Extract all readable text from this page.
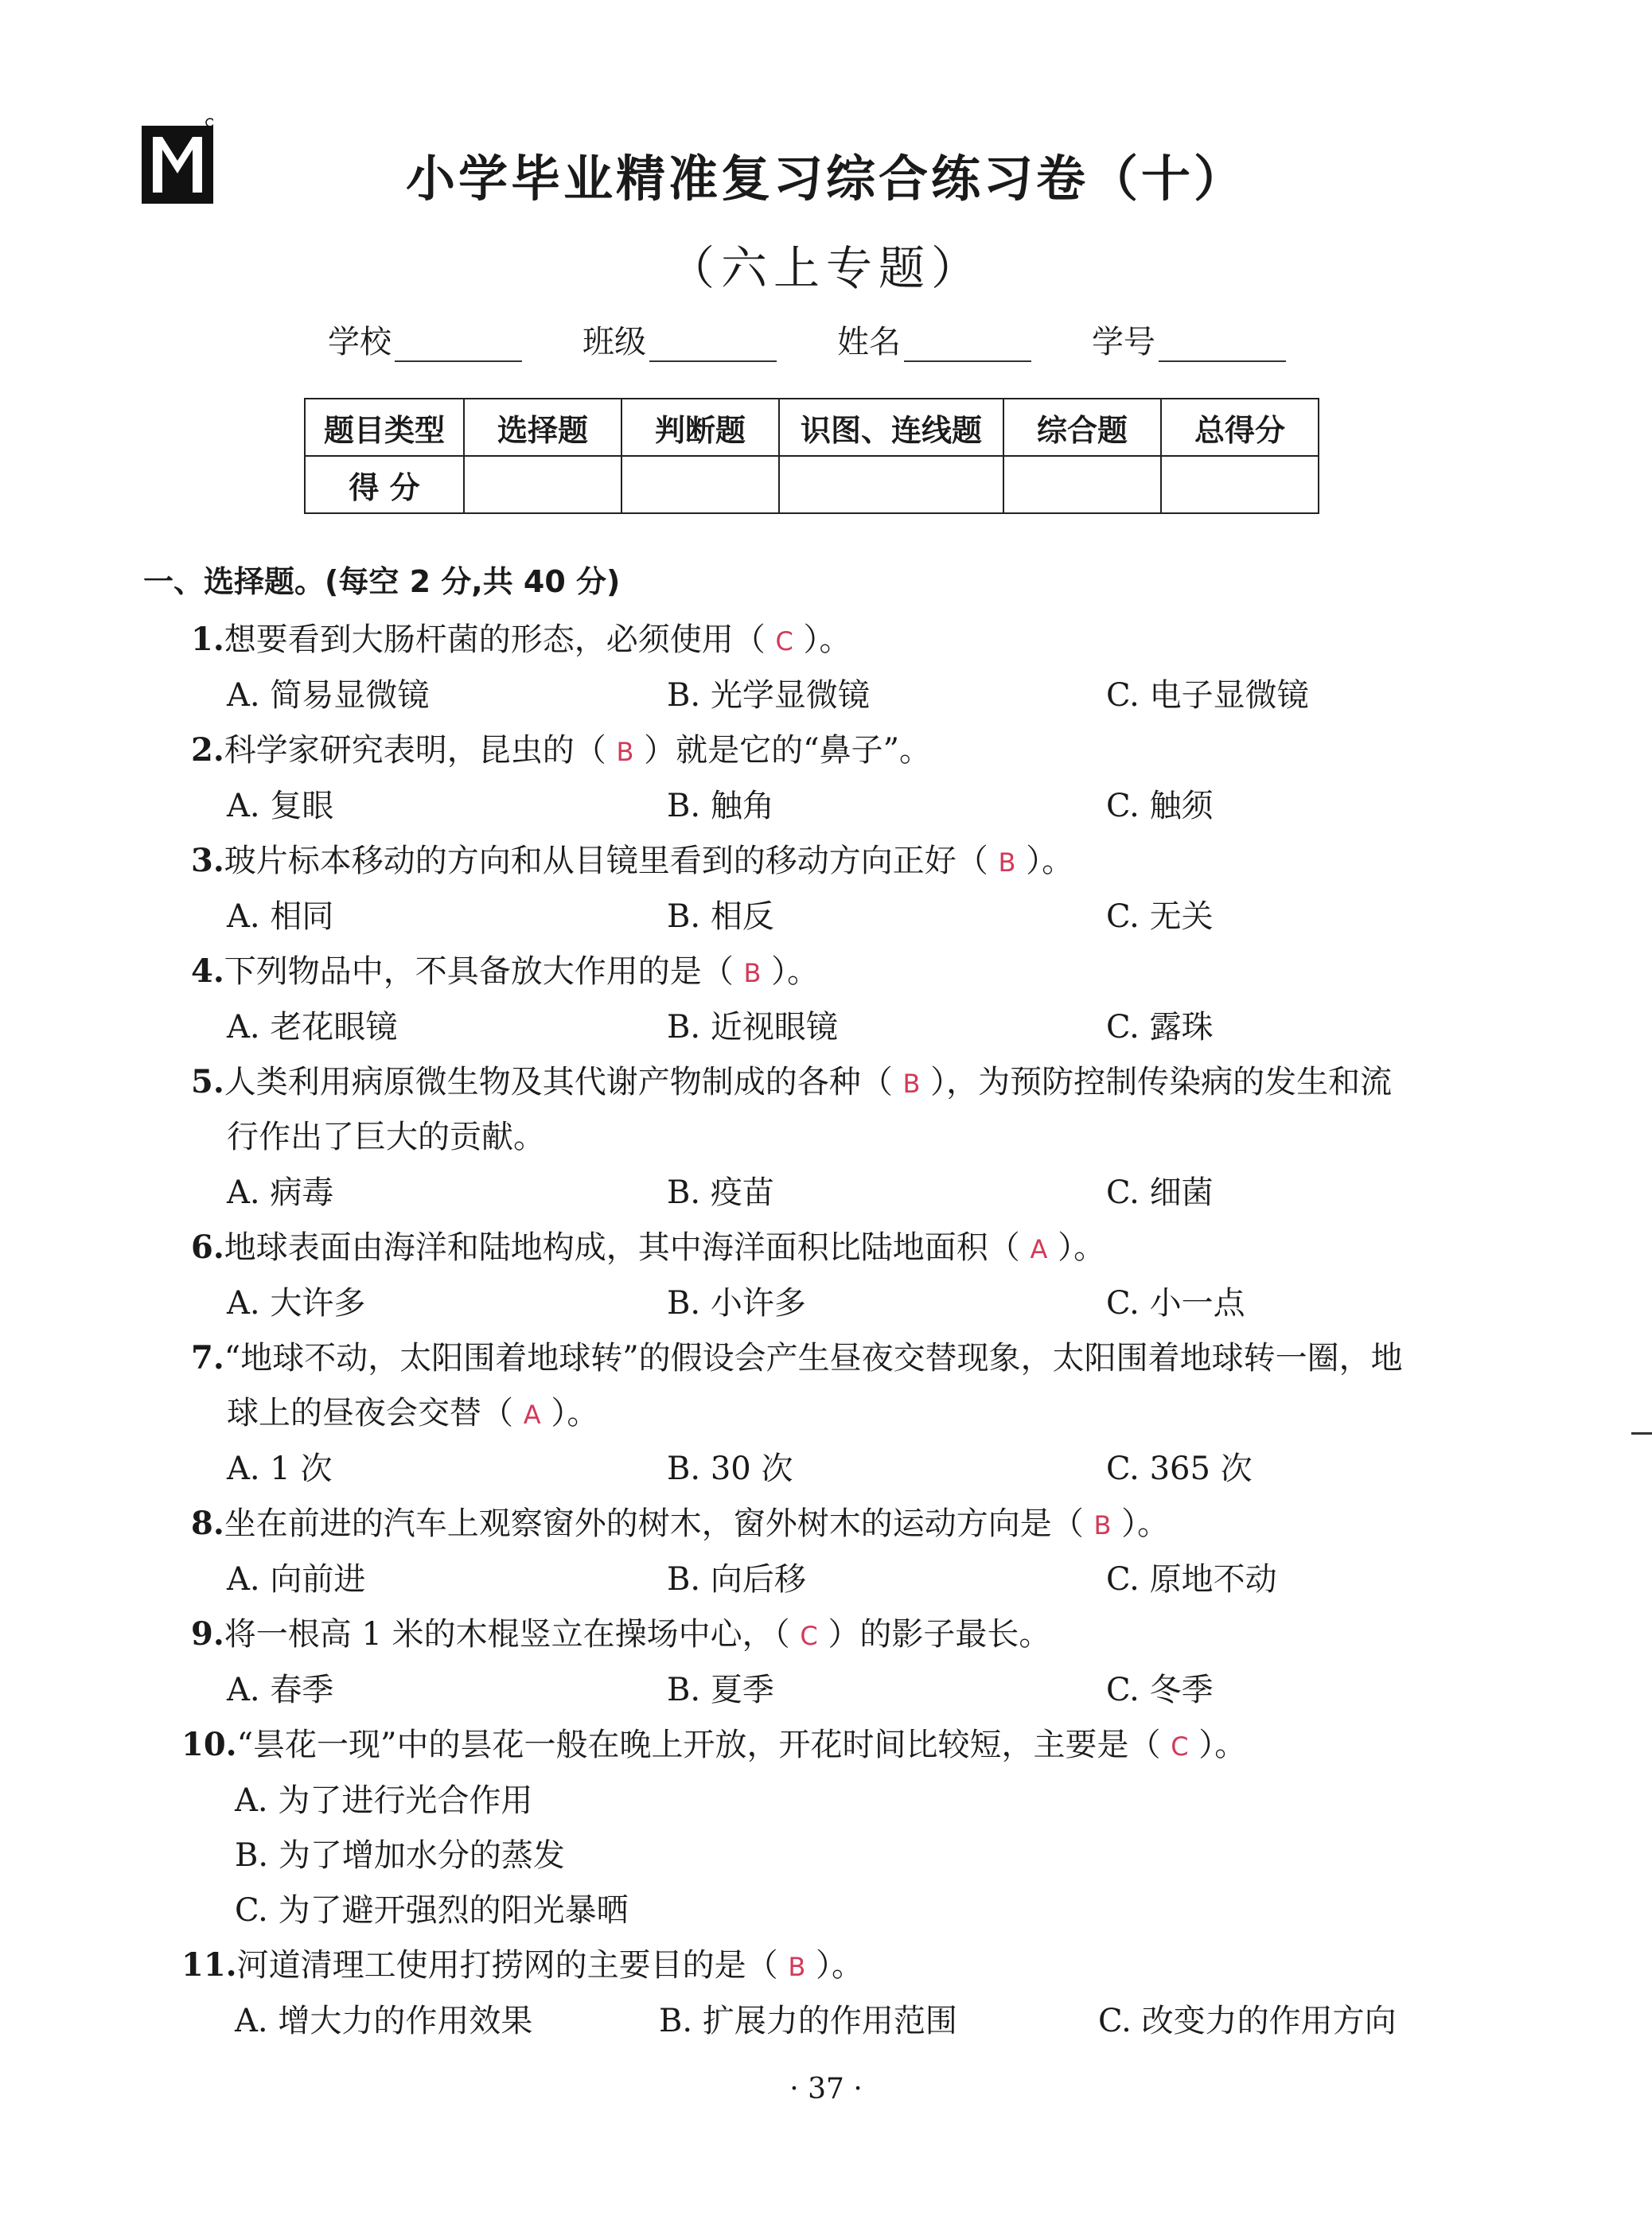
小学毕业精准复习综合练习卷（十）
（六上专题）
学校	班级	姓名	学号
题目类型	选择题	判断题	识图、连线题	综合题	总得分
得 分					
一、选择题。(每空 2 分,共 40 分)
1.想要看到大肠杆菌的形态，必须使用（ C ）。
A. 简易显微镜	B. 光学显微镜	C. 电子显微镜
2.科学家研究表明，昆虫的（ B ）就是它的“鼻子”。
A. 复眼	B. 触角	C. 触须
3.玻片标本移动的方向和从目镜里看到的移动方向正好（ B ）。
A. 相同	B. 相反	C. 无关
4.下列物品中，不具备放大作用的是（ B ）。
A. 老花眼镜	B. 近视眼镜	C. 露珠
5.人类利用病原微生物及其代谢产物制成的各种（ B ），为预防控制传染病的发生和流
行作出了巨大的贡献。
A. 病毒	B. 疫苗	C. 细菌
6.地球表面由海洋和陆地构成，其中海洋面积比陆地面积（ A ）。
A. 大许多	B. 小许多	C. 小一点
7.“地球不动，太阳围着地球转”的假设会产生昼夜交替现象，太阳围着地球转一圈，地
球上的昼夜会交替（ A ）。
A. 1 次	B. 30 次	C. 365 次
8.坐在前进的汽车上观察窗外的树木，窗外树木的运动方向是（ B ）。
A. 向前进	B. 向后移	C. 原地不动
9.将一根高 1 米的木棍竖立在操场中心，（ C ）的影子最长。
A. 春季	B. 夏季	C. 冬季
10.“昙花一现”中的昙花一般在晚上开放，开花时间比较短，主要是（ C ）。
A. 为了进行光合作用
B. 为了增加水分的蒸发
C. 为了避开强烈的阳光暴晒
11.河道清理工使用打捞网的主要目的是（ B ）。
A. 增大力的作用效果	B. 扩展力的作用范围	C. 改变力的作用方向
· 37 ·
